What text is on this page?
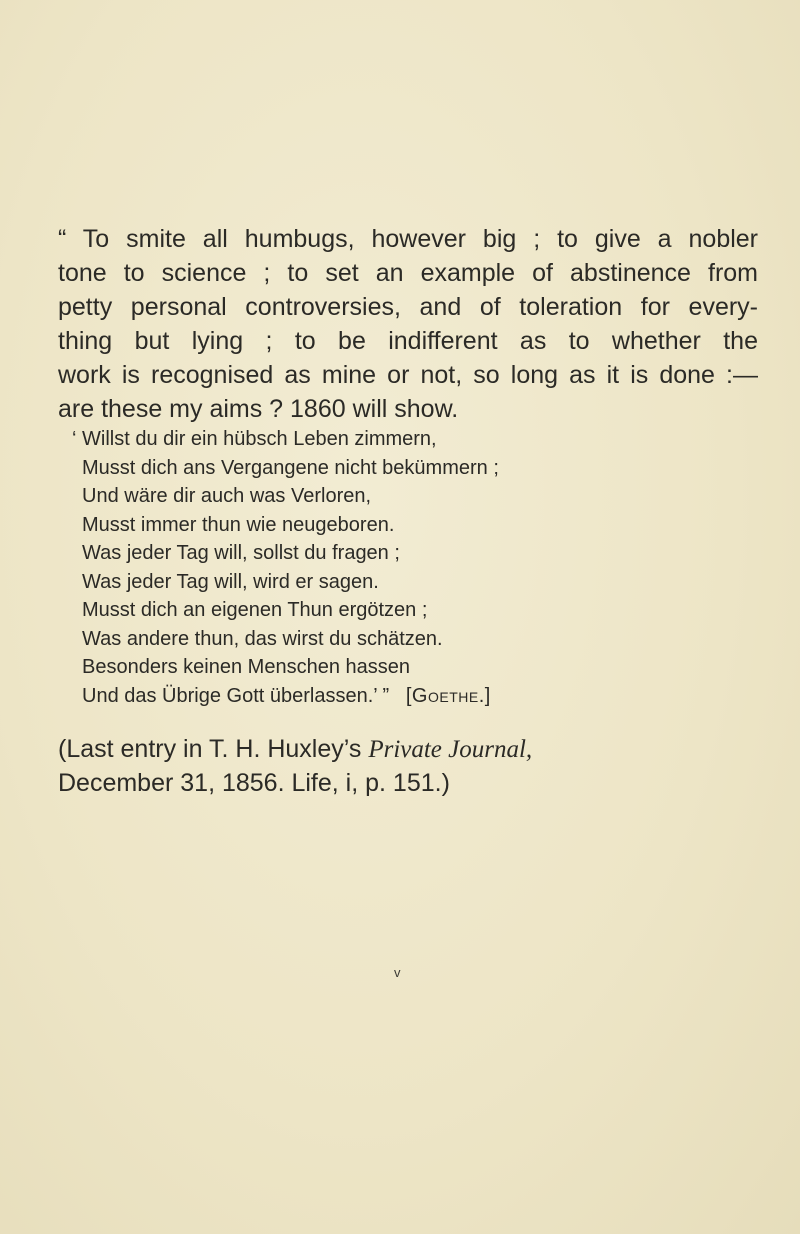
“ To smite all humbugs, however big ; to give a nobler
tone to science ; to set an example of abstinence from
petty personal controversies, and of toleration for every-
thing but lying ; to be indifferent as to whether the
work is recognised as mine or not, so long as it is done :—
are these my aims ? 1860 will show.
‘ Willst du dir ein hübsch Leben zimmern,
Musst dich ans Vergangene nicht bekümmern ;
Und wäre dir auch was Verloren,
Musst immer thun wie neugeboren.
Was jeder Tag will, sollst du fragen ;
Was jeder Tag will, wird er sagen.
Musst dich an eigenen Thun ergötzen ;
Was andere thun, das wirst du schätzen.
Besonders keinen Menschen hassen
Und das Übrige Gott überlassen.’ ” [Goethe.]
(Last entry in T. H. Huxley’s Private Journal,
December 31, 1856. Life, i, p. 151.)
v
